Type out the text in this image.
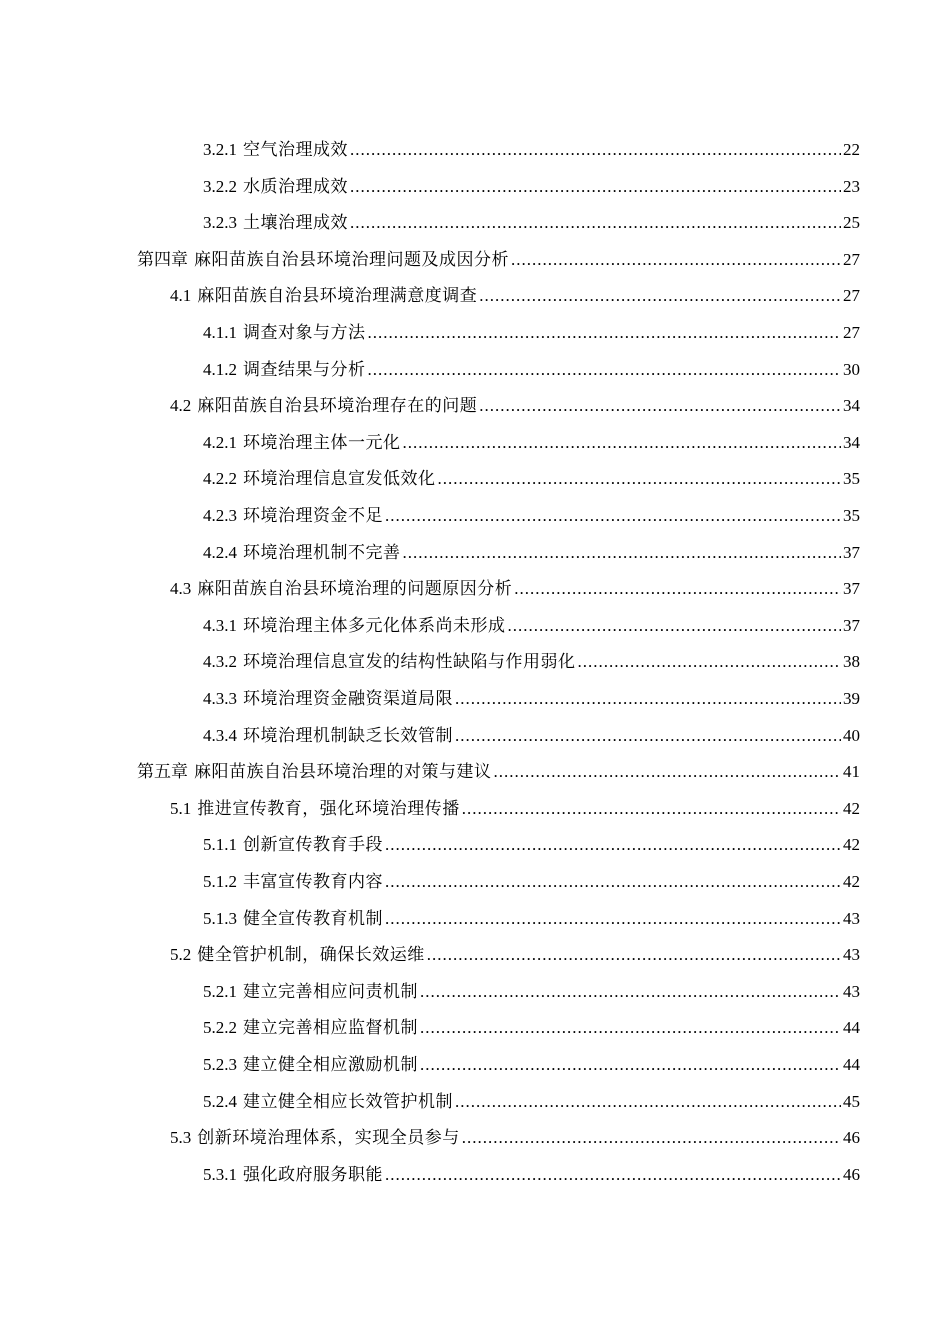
3.2.1 空气治理成效 .....	22
3.2.2 水质治理成效 .....	23
3.2.3 土壤治理成效 .....	25
第四章 麻阳苗族自治县环境治理问题及成因分析 .....	27
4.1 麻阳苗族自治县环境治理满意度调查 .....	27
4.1.1 调查对象与方法 .....	27
4.1.2 调查结果与分析 .....	30
4.2 麻阳苗族自治县环境治理存在的问题 .....	34
4.2.1 环境治理主体一元化 .....	34
4.2.2 环境治理信息宣发低效化 .....	35
4.2.3 环境治理资金不足 .....	35
4.2.4 环境治理机制不完善 .....	37
4.3 麻阳苗族自治县环境治理的问题原因分析 .....	37
4.3.1 环境治理主体多元化体系尚未形成 .....	37
4.3.2 环境治理信息宣发的结构性缺陷与作用弱化 .....	38
4.3.3 环境治理资金融资渠道局限 .....	39
4.3.4 环境治理机制缺乏长效管制 .....	40
第五章 麻阳苗族自治县环境治理的对策与建议 .....	41
5.1 推进宣传教育，强化环境治理传播 .....	42
5.1.1 创新宣传教育手段 .....	42
5.1.2 丰富宣传教育内容 .....	42
5.1.3 健全宣传教育机制 .....	43
5.2 健全管护机制，确保长效运维 .....	43
5.2.1 建立完善相应问责机制 .....	43
5.2.2 建立完善相应监督机制 .....	44
5.2.3 建立健全相应激励机制 .....	44
5.2.4 建立健全相应长效管护机制 .....	45
5.3 创新环境治理体系，实现全员参与 .....	46
5.3.1 强化政府服务职能 .....	46
